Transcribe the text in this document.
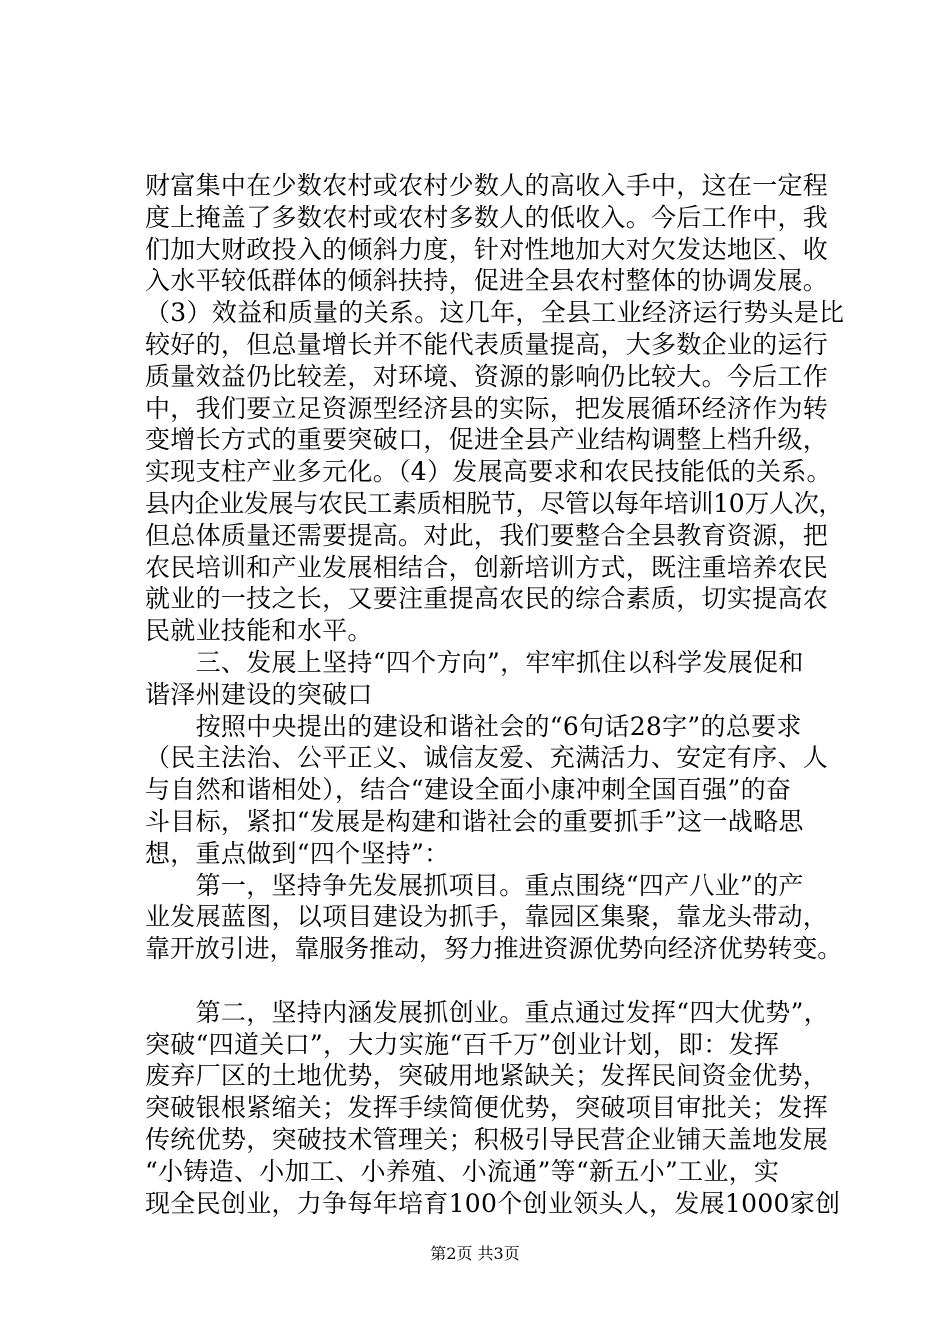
财富集中在少数农村或农村少数人的高收入手中，这在一定程
度上掩盖了多数农村或农村多数人的低收入。今后工作中，我
们加大财政投入的倾斜力度，针对性地加大对欠发达地区、收
入水平较低群体的倾斜扶持，促进全县农村整体的协调发展。
（3）效益和质量的关系。这几年，全县工业经济运行势头是比
较好的，但总量增长并不能代表质量提高，大多数企业的运行
质量效益仍比较差，对环境、资源的影响仍比较大。今后工作
中，我们要立足资源型经济县的实际，把发展循环经济作为转
变增长方式的重要突破口，促进全县产业结构调整上档升级，
实现支柱产业多元化。（4）发展高要求和农民技能低的关系。
县内企业发展与农民工素质相脱节，尽管以每年培训10万人次，
但总体质量还需要提高。对此，我们要整合全县教育资源，把
农民培训和产业发展相结合，创新培训方式，既注重培养农民
就业的一技之长，又要注重提高农民的综合素质，切实提高农
民就业技能和水平。
　　三、发展上坚持“四个方向”，牢牢抓住以科学发展促和
谐泽州建设的突破口
　　按照中央提出的建设和谐社会的“6句话28字”的总要求
（民主法治、公平正义、诚信友爱、充满活力、安定有序、人
与自然和谐相处），结合“建设全面小康冲刺全国百强”的奋
斗目标，紧扣“发展是构建和谐社会的重要抓手”这一战略思
想，重点做到“四个坚持”：
　　第一，坚持争先发展抓项目。重点围绕“四产八业”的产
业发展蓝图，以项目建设为抓手，靠园区集聚，靠龙头带动，
靠开放引进，靠服务推动，努力推进资源优势向经济优势转变。
　　第二，坚持内涵发展抓创业。重点通过发挥“四大优势”，
突破“四道关口”，大力实施“百千万”创业计划，即：发挥
废弃厂区的土地优势，突破用地紧缺关；发挥民间资金优势，
突破银根紧缩关；发挥手续简便优势，突破项目审批关；发挥
传统优势，突破技术管理关；积极引导民营企业铺天盖地发展
“小铸造、小加工、小养殖、小流通”等“新五小”工业，实
现全民创业，力争每年培育100个创业领头人，发展1000家创
第2页 共3页
